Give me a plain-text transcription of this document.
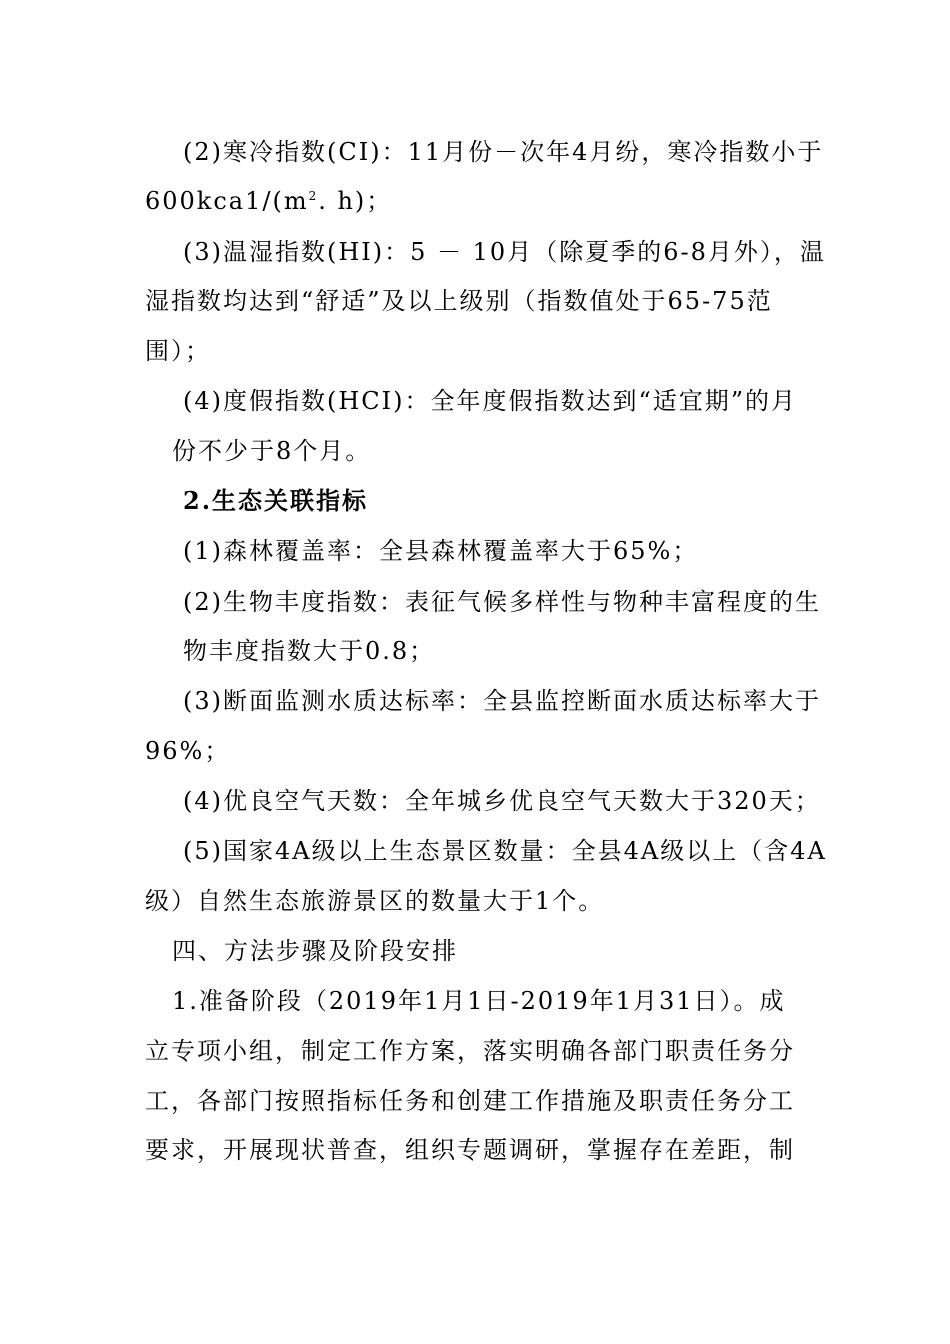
(2)寒冷指数(CI)：11月份－次年4月纷，寒冷指数小于
$600kca1/(m^2$. h)；
(3)温湿指数(HI)：5 － 10月（除夏季的6-8月外），温
湿指数均达到“舒适”及以上级别（指数值处于65-75范
围）；
(4)度假指数(HCI)：全年度假指数达到“适宜期”的月
份不少于8个月。
2.生态关联指标
(1)森林覆盖率：全县森林覆盖率大于65%；
(2)生物丰度指数：表征气候多样性与物种丰富程度的生
物丰度指数大于0.8；
(3)断面监测水质达标率：全县监控断面水质达标率大于
96%；
(4)优良空气天数：全年城乡优良空气天数大于320天；
(5)国家4A级以上生态景区数量：全县4A级以上（含4A
级）自然生态旅游景区的数量大于1个。
四、方法步骤及阶段安排
1.准备阶段（2019年1月1日-2019年1月31日）。成
立专项小组，制定工作方案，落实明确各部门职责任务分
工，各部门按照指标任务和创建工作措施及职责任务分工
要求，开展现状普查，组织专题调研，掌握存在差距，制
